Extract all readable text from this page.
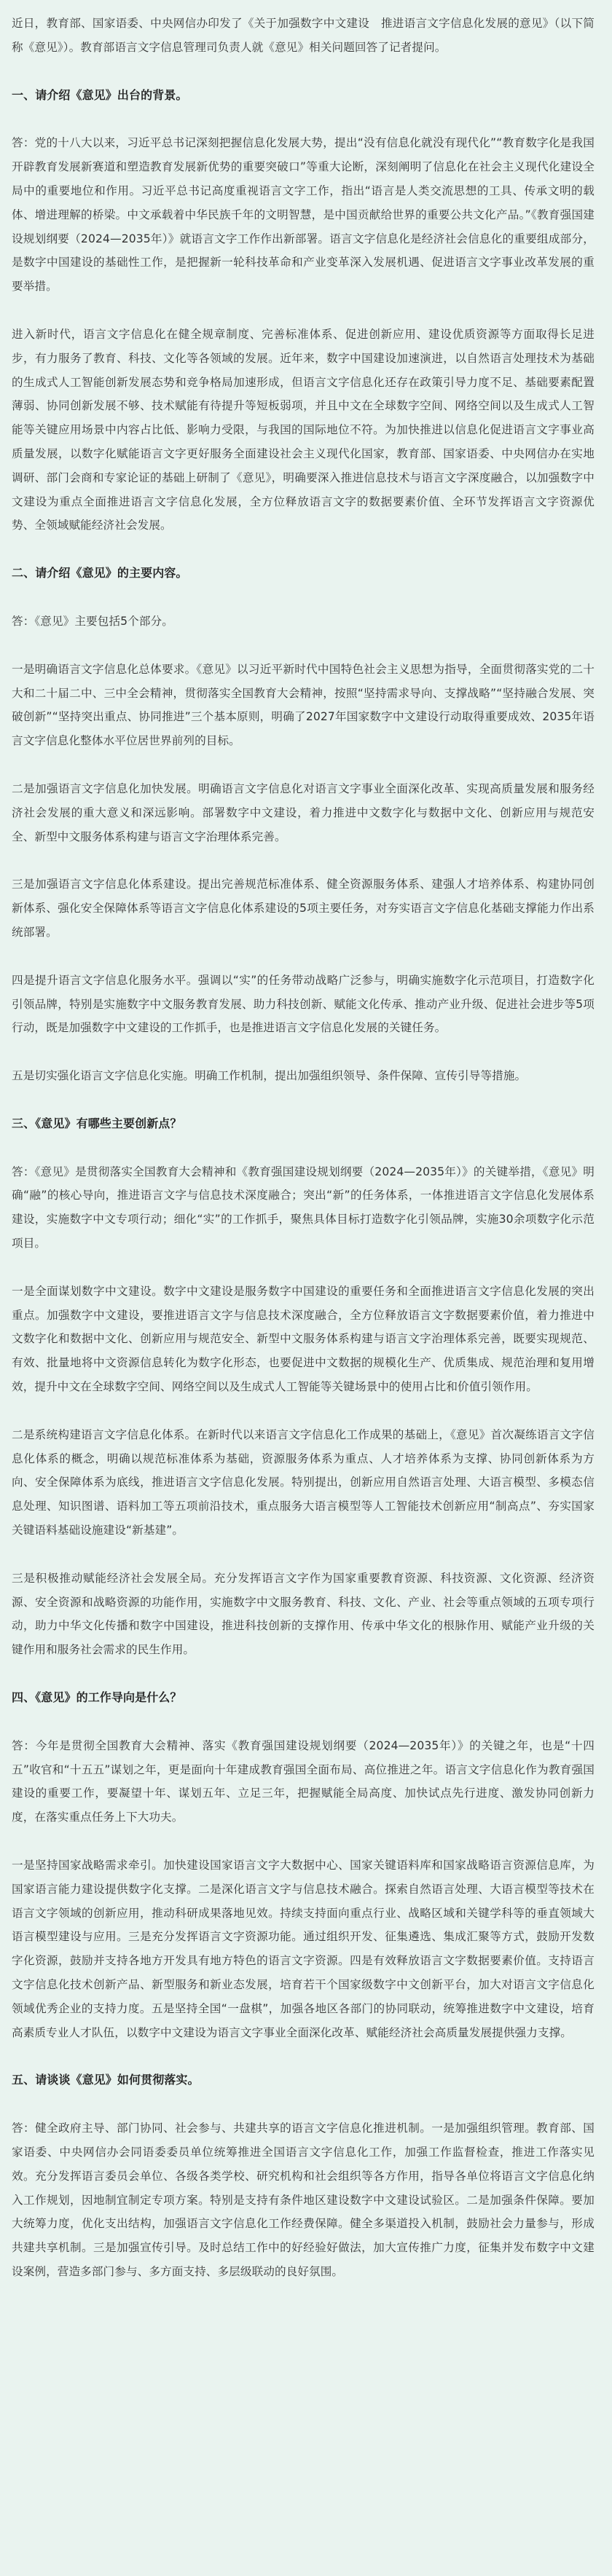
近日，教育部、国家语委、中央网信办印发了《关于加强数字中文建设　推进语言文字信息化发展的意见》（以下简称《意见》）。教育部语言文字信息管理司负责人就《意见》相关问题回答了记者提问。

一、请介绍《意见》出台的背景。

答：党的十八大以来，习近平总书记深刻把握信息化发展大势，提出“没有信息化就没有现代化”“教育数字化是我国开辟教育发展新赛道和塑造教育发展新优势的重要突破口”等重大论断，深刻阐明了信息化在社会主义现代化建设全局中的重要地位和作用。习近平总书记高度重视语言文字工作，指出“语言是人类交流思想的工具、传承文明的载体、增进理解的桥梁。中文承载着中华民族千年的文明智慧，是中国贡献给世界的重要公共文化产品。”《教育强国建设规划纲要（2024—2035年）》就语言文字工作作出新部署。语言文字信息化是经济社会信息化的重要组成部分，是数字中国建设的基础性工作，是把握新一轮科技革命和产业变革深入发展机遇、促进语言文字事业改革发展的重要举措。

进入新时代，语言文字信息化在健全规章制度、完善标准体系、促进创新应用、建设优质资源等方面取得长足进步，有力服务了教育、科技、文化等各领域的发展。近年来，数字中国建设加速演进，以自然语言处理技术为基础的生成式人工智能创新发展态势和竞争格局加速形成，但语言文字信息化还存在政策引导力度不足、基础要素配置薄弱、协同创新发展不够、技术赋能有待提升等短板弱项，并且中文在全球数字空间、网络空间以及生成式人工智能等关键应用场景中内容占比低、影响力受限，与我国的国际地位不符。为加快推进以信息化促进语言文字事业高质量发展，以数字化赋能语言文字更好服务全面建设社会主义现代化国家，教育部、国家语委、中央网信办在实地调研、部门会商和专家论证的基础上研制了《意见》，明确要深入推进信息技术与语言文字深度融合，以加强数字中文建设为重点全面推进语言文字信息化发展，全方位释放语言文字的数据要素价值、全环节发挥语言文字资源优势、全领域赋能经济社会发展。

二、请介绍《意见》的主要内容。

答：《意见》主要包括5个部分。

一是明确语言文字信息化总体要求。《意见》以习近平新时代中国特色社会主义思想为指导，全面贯彻落实党的二十大和二十届二中、三中全会精神，贯彻落实全国教育大会精神，按照“坚持需求导向、支撑战略”“坚持融合发展、突破创新”“坚持突出重点、协同推进”三个基本原则，明确了2027年国家数字中文建设行动取得重要成效、2035年语言文字信息化整体水平位居世界前列的目标。

二是加强语言文字信息化加快发展。明确语言文字信息化对语言文字事业全面深化改革、实现高质量发展和服务经济社会发展的重大意义和深远影响。部署数字中文建设，着力推进中文数字化与数据中文化、创新应用与规范安全、新型中文服务体系构建与语言文字治理体系完善。

三是加强语言文字信息化体系建设。提出完善规范标准体系、健全资源服务体系、建强人才培养体系、构建协同创新体系、强化安全保障体系等语言文字信息化体系建设的5项主要任务，对夯实语言文字信息化基础支撑能力作出系统部署。

四是提升语言文字信息化服务水平。强调以“实”的任务带动战略广泛参与，明确实施数字化示范项目，打造数字化引领品牌，特别是实施数字中文服务教育发展、助力科技创新、赋能文化传承、推动产业升级、促进社会进步等5项行动，既是加强数字中文建设的工作抓手，也是推进语言文字信息化发展的关键任务。

五是切实强化语言文字信息化实施。明确工作机制，提出加强组织领导、条件保障、宣传引导等措施。

三、《意见》有哪些主要创新点？

答：《意见》是贯彻落实全国教育大会精神和《教育强国建设规划纲要（2024—2035年）》的关键举措，《意见》明确“融”的核心导向，推进语言文字与信息技术深度融合；突出“新”的任务体系，一体推进语言文字信息化发展体系建设，实施数字中文专项行动；细化“实”的工作抓手，聚焦具体目标打造数字化引领品牌，实施30余项数字化示范项目。

一是全面谋划数字中文建设。数字中文建设是服务数字中国建设的重要任务和全面推进语言文字信息化发展的突出重点。加强数字中文建设，要推进语言文字与信息技术深度融合，全方位释放语言文字数据要素价值，着力推进中文数字化和数据中文化、创新应用与规范安全、新型中文服务体系构建与语言文字治理体系完善，既要实现规范、有效、批量地将中文资源信息转化为数字化形态，也要促进中文数据的规模化生产、优质集成、规范治理和复用增效，提升中文在全球数字空间、网络空间以及生成式人工智能等关键场景中的使用占比和价值引领作用。

二是系统构建语言文字信息化体系。在新时代以来语言文字信息化工作成果的基础上，《意见》首次凝练语言文字信息化体系的概念，明确以规范标准体系为基础，资源服务体系为重点、人才培养体系为支撑、协同创新体系为方向、安全保障体系为底线，推进语言文字信息化发展。特别提出，创新应用自然语言处理、大语言模型、多模态信息处理、知识图谱、语料加工等五项前沿技术，重点服务大语言模型等人工智能技术创新应用“制高点”、夯实国家关键语料基础设施建设“新基建”。

三是积极推动赋能经济社会发展全局。充分发挥语言文字作为国家重要教育资源、科技资源、文化资源、经济资源、安全资源和战略资源的功能作用，实施数字中文服务教育、科技、文化、产业、社会等重点领域的五项专项行动，助力中华文化传播和数字中国建设，推进科技创新的支撑作用、传承中华文化的根脉作用、赋能产业升级的关键作用和服务社会需求的民生作用。

四、《意见》的工作导向是什么？

答：今年是贯彻全国教育大会精神、落实《教育强国建设规划纲要（2024—2035年）》的关键之年，也是“十四五”收官和“十五五”谋划之年，更是面向十年建成教育强国全面布局、高位推进之年。语言文字信息化作为教育强国建设的重要工作，要凝望十年、谋划五年、立足三年，把握赋能全局高度、加快试点先行进度、激发协同创新力度，在落实重点任务上下大功夫。

一是坚持国家战略需求牵引。加快建设国家语言文字大数据中心、国家关键语料库和国家战略语言资源信息库，为国家语言能力建设提供数字化支撑。二是深化语言文字与信息技术融合。探索自然语言处理、大语言模型等技术在语言文字领域的创新应用，推动科研成果落地见效。持续支持面向重点行业、战略区域和关键学科等的垂直领域大语言模型建设与应用。三是充分发挥语言文字资源功能。通过组织开发、征集遴选、集成汇聚等方式，鼓励开发数字化资源，鼓励并支持各地方开发具有地方特色的语言文字资源。四是有效释放语言文字数据要素价值。支持语言文字信息化技术创新产品、新型服务和新业态发展，培育若干个国家级数字中文创新平台，加大对语言文字信息化领域优秀企业的支持力度。五是坚持全国“一盘棋”，加强各地区各部门的协同联动，统筹推进数字中文建设，培育高素质专业人才队伍，以数字中文建设为语言文字事业全面深化改革、赋能经济社会高质量发展提供强力支撑。

五、请谈谈《意见》如何贯彻落实。

答：健全政府主导、部门协同、社会参与、共建共享的语言文字信息化推进机制。一是加强组织管理。教育部、国家语委、中央网信办会同语委委员单位统筹推进全国语言文字信息化工作，加强工作监督检查，推进工作落实见效。充分发挥语言委员会单位、各级各类学校、研究机构和社会组织等各方作用，指导各单位将语言文字信息化纳入工作规划，因地制宜制定专项方案。特别是支持有条件地区建设数字中文建设试验区。二是加强条件保障。要加大统筹力度，优化支出结构，加强语言文字信息化工作经费保障。健全多渠道投入机制，鼓励社会力量参与，形成共建共享机制。三是加强宣传引导。及时总结工作中的好经验好做法，加大宣传推广力度，征集并发布数字中文建设案例，营造多部门参与、多方面支持、多层级联动的良好氛围。
